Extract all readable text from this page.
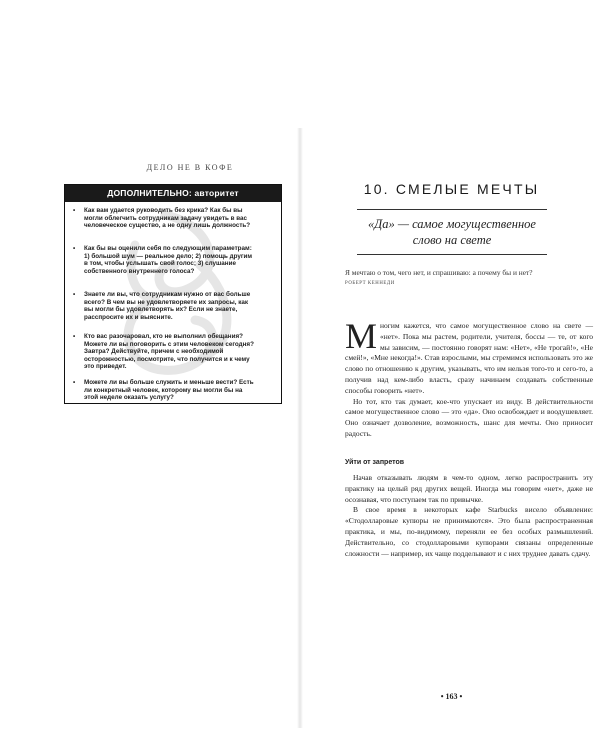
ДЕЛО НЕ В КОФЕ
ДОПОЛНИТЕЛЬНО: авторитет
• Как вам удается руководить без крика? Как бы вы могли облегчить сотрудникам задачу увидеть в вас человеческое существо, а не одну лишь должность?
• Как бы вы оценили себя по следующим параметрам: 1) большой шум — реальное дело; 2) помощь другим в том, чтобы услышать свой голос; 3) слушание собственного внутреннего голоса?
• Знаете ли вы, что сотрудникам нужно от вас больше всего? В чем вы не удовлетворяете их запросы, как вы могли бы удовлетворять их? Если не знаете, расспросите их и выясните.
• Кто вас разочаровал, кто не выполнил обещания? Можете ли вы поговорить с этим человеком сегодня? Завтра? Действуйте, причем с необходимой осторожностью, посмотрите, что получится и к чему это приведет.
• Можете ли вы больше служить и меньше вести? Есть ли конкретный человек, которому вы могли бы на этой неделе оказать услугу?
10. СМЕЛЫЕ МЕЧТЫ
«Да» — самое могущественное
слово на свете
Я мечтаю о том, чего нет, и спрашиваю: а почему бы и нет?
РОБЕРТ КЕННЕДИ

Многим кажется, что самое могущественное слово на свете — «нет». Пока мы растем, родители, учителя, боссы — те, от кого мы зависим, — постоянно говорят нам: «Нет», «Не трогай!», «Не смей!», «Мне некогда!». Став взрослыми, мы стремимся использовать это же слово по отношению к другим, указывать, что им нельзя того-то и сего-то, а получив над кем-либо власть, сразу начинаем создавать собственные способы говорить «нет».

Но тот, кто так думает, кое-что упускает из виду. В действительности самое могущественное слово — это «да». Оно освобождает и воодушевляет. Оно означает дозволение, возможность, шанс для мечты. Оно приносит радость.

Уйти от запретов

Начав отказывать людям в чем-то одном, легко распространить эту практику на целый ряд других вещей. Иногда мы говорим «нет», даже не осознавая, что поступаем так по привычке.

В свое время в некоторых кафе Starbucks висело объявление: «Стодолларовые купюры не принимаются». Это была распространенная практика, и мы, по-видимому, переняли ее без особых размышлений. Действительно, со стодолларовыми купюрами связаны определенные сложности — например, их чаще подделывают и с них труднее давать сдачу.

• 163 •
